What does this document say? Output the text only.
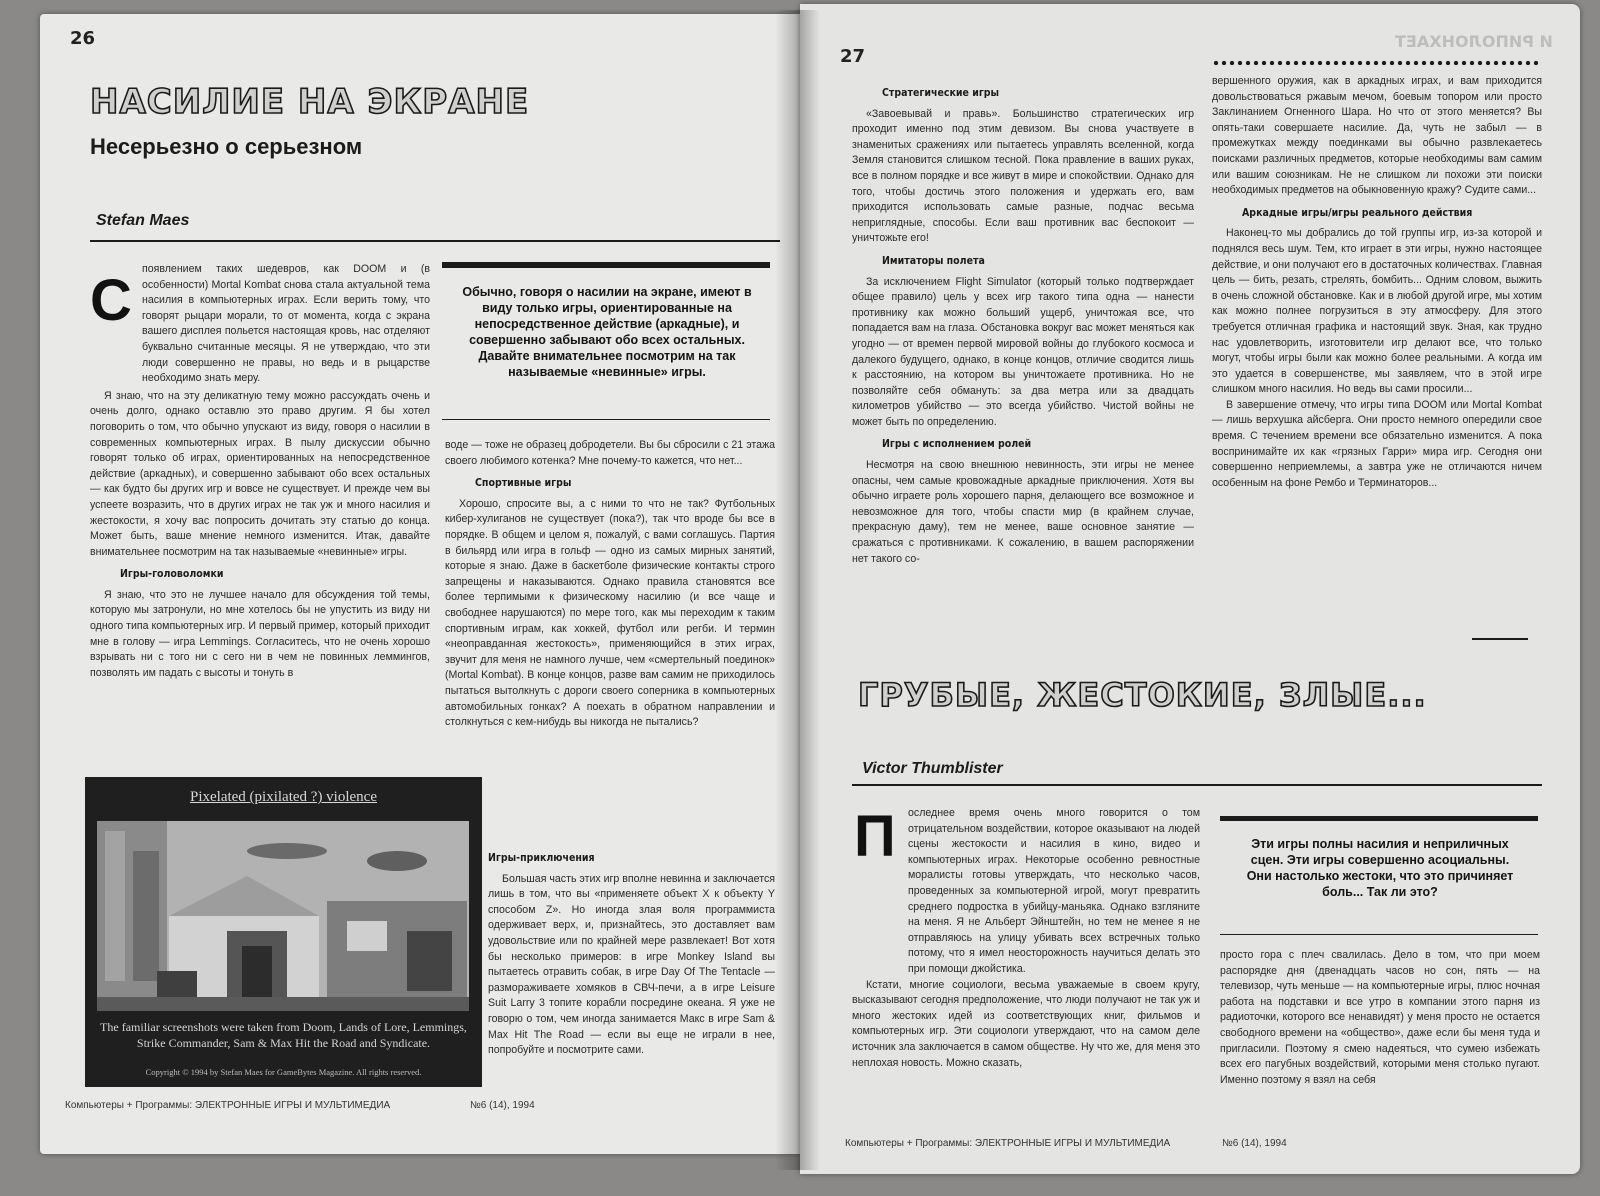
26
НАСИЛИЕ НА ЭКРАНЕ
Несерьезно о серьезном
Stefan Maes
С появлением таких шедевров, как DOOM и (в особенности) Mortal Kombat снова стала актуальной тема насилия в компьютерных играх. Если верить тому, что говорят рыцари морали, то от момента, когда с экрана вашего дисплея польется настоящая кровь, нас отделяют буквально считанные месяцы. Я не утверждаю, что эти люди совершенно не правы, но ведь и в рыцарстве необходимо знать меру.

Я знаю, что на эту деликатную тему можно рассуждать очень и очень долго, однако оставлю это право другим. Я бы хотел поговорить о том, что обычно упускают из виду, говоря о насилии в современных компьютерных играх. В пылу дискуссии обычно говорят только об играх, ориентированных на непосредственное действие (аркадных), и совершенно забывают обо всех остальных — как будто бы других игр и вовсе не существует. И прежде чем вы успеете возразить, что в других играх не так уж и много насилия и жестокости, я хочу вас попросить дочитать эту статью до конца. Может быть, ваше мнение немного изменится. Итак, давайте внимательнее посмотрим на так называемые «невинные» игры.

Игры-головоломки

Я знаю, что это не лучшее начало для обсуждения той темы, которую мы затронули, но мне хотелось бы не упустить из виду ни одного типа компьютерных игр. И первый пример, который приходит мне в голову — игра Lemmings. Согласитесь, что не очень хорошо взрывать ни с того ни с сего ни в чем не повинных леммингов, позволять им падать с высоты и тонуть в

Обычно, говоря о насилии на экране, имеют в виду только игры, ориентированные на непосредственное действие (аркадные), и совершенно забывают обо всех остальных. Давайте внимательнее посмотрим на так называемые «невинные» игры.

воде — тоже не образец добродетели. Вы бы сбросили с 21 этажа своего любимого котенка? Мне почему-то кажется, что нет...

Спортивные игры

Хорошо, спросите вы, а с ними то что не так? Футбольных кибер-хулиганов не существует (пока?), так что вроде бы все в порядке. В общем и целом я, пожалуй, с вами соглашусь. Партия в бильярд или игра в гольф — одно из самых мирных занятий, которые я знаю. Даже в баскетболе физические контакты строго запрещены и наказываются. Однако правила становятся все более терпимыми к физическому насилию (и все чаще и свободнее нарушаются) по мере того, как мы переходим к таким спортивным играм, как хоккей, футбол или регби. И термин «неоправданная жестокость», применяющийся в этих играх, звучит для меня не намного лучше, чем «смертельный поединок» (Mortal Kombat). В конце концов, разве вам самим не приходилось пытаться вытолкнуть с дороги своего соперника в компьютерных автомобильных гонках? А поехать в обратном направлении и столкнуться с кем-нибудь вы никогда не пытались?

Игры-приключения

Большая часть этих игр вполне невинна и заключается лишь в том, что вы «применяете объект X к объекту Y способом Z». Но иногда злая воля программиста одерживает верх, и, признайтесь, это доставляет вам удовольствие или по крайней мере развлекает! Вот хотя бы несколько примеров: в игре Monkey Island вы пытаетесь отравить собак, в игре Day Of The Tentacle — размораживаете хомяков в СВЧ-печи, а в игре Leisure Suit Larry 3 топите корабли посредине океана. Я уже не говорю о том, чем иногда занимается Макс в игре Sam & Max Hit The Road — если вы еще не играли в нее, попробуйте и посмотрите сами.

Pixelated (pixilated ?) violence
The familiar screenshots were taken from Doom, Lands of Lore, Lemmings, Strike Commander, Sam & Max Hit the Road and Syndicate.
Copyright © 1994 by Stefan Maes for GameBytes Magazine. All rights reserved.
Компьютеры + Программы: ЭЛЕКТРОННЫЕ ИГРЫ И МУЛЬТИМЕДИА	№6 (14), 1994
27
И РИПОЛОНХАЕТ
Стратегические игры

«Завоевывай и правь». Большинство стратегических игр проходит именно под этим девизом. Вы снова участвуете в знаменитых сражениях или пытаетесь управлять вселенной, когда Земля становится слишком тесной. Пока правление в ваших руках, все в полном порядке и все живут в мире и спокойствии. Однако для того, чтобы достичь этого положения и удержать его, вам приходится использовать самые разные, подчас весьма неприглядные, способы. Если ваш противник вас беспокоит — уничтожьте его!

Имитаторы полета

За исключением Flight Simulator (который только подтверждает общее правило) цель у всех игр такого типа одна — нанести противнику как можно больший ущерб, уничтожая все, что попадается вам на глаза. Обстановка вокруг вас может меняться как угодно — от времен первой мировой войны до глубокого космоса и далекого будущего, однако, в конце концов, отличие сводится лишь к расстоянию, на котором вы уничтожаете противника. Но не позволяйте себя обмануть: за два метра или за двадцать километров убийство — это всегда убийство. Чистой войны не может быть по определению.

Игры с исполнением ролей

Несмотря на свою внешнюю невинность, эти игры не менее опасны, чем самые кровожадные аркадные приключения. Хотя вы обычно играете роль хорошего парня, делающего все возможное и невозможное для того, чтобы спасти мир (в крайнем случае, прекрасную даму), тем не менее, ваше основное занятие — сражаться с противниками. К сожалению, в вашем распоряжении нет такого со-

вершенного оружия, как в аркадных играх, и вам приходится довольствоваться ржавым мечом, боевым топором или просто Заклинанием Огненного Шара. Но что от этого меняется? Вы опять-таки совершаете насилие. Да, чуть не забыл — в промежутках между поединками вы обычно развлекаетесь поисками различных предметов, которые необходимы вам самим или вашим союзникам. Не не слишком ли похожи эти поиски необходимых предметов на обыкновенную кражу? Судите сами...

Аркадные игры/игры реального действия

Наконец-то мы добрались до той группы игр, из-за которой и поднялся весь шум. Тем, кто играет в эти игры, нужно настоящее действие, и они получают его в достаточных количествах. Главная цель — бить, резать, стрелять, бомбить... Одним словом, выжить в очень сложной обстановке. Как и в любой другой игре, мы хотим как можно полнее погрузиться в эту атмосферу. Для этого требуется отличная графика и настоящий звук. Зная, как трудно нас удовлетворить, изготовители игр делают все, что только могут, чтобы игры были как можно более реальными. А когда им это удается в совершенстве, мы заявляем, что в этой игре слишком много насилия. Но ведь вы сами просили...

В завершение отмечу, что игры типа DOOM или Mortal Kombat — лишь верхушка айсберга. Они просто немного опередили свое время. С течением времени все обязательно изменится. А пока воспринимайте их как «грязных Гарри» мира игр. Сегодня они совершенно неприемлемы, а завтра уже не отличаются ничем особенным на фоне Рембо и Терминаторов...

ГРУБЫЕ, ЖЕСТОКИЕ, ЗЛЫЕ...
Victor Thumblister
П	оследнее время очень много говорится о том отрицательном воздействии, которое оказывают на людей сцены жестокости и насилия в кино, видео и компьютерных играх. Некоторые особенно ревностные моралисты готовы утверждать, что несколько часов, проведенных за компьютерной игрой, могут превратить среднего подростка в убийцу-маньяка. Однако взгляните на меня. Я не Альберт Эйнштейн, но тем не менее я не отправляюсь на улицу убивать всех встречных только потому, что я имел неосторожность научиться делать это при помощи джойстика.

Кстати, многие социологи, весьма уважаемые в своем кругу, высказывают сегодня предположение, что люди получают не так уж и много жестоких идей из соответствующих книг, фильмов и компьютерных игр. Эти социологи утверждают, что на самом деле источник зла заключается в самом обществе. Ну что же, для меня это неплохая новость. Можно сказать,

Эти игры полны насилия и неприличных сцен. Эти игры совершенно асоциальны. Они настолько жестоки, что это причиняет боль... Так ли это?

просто гора с плеч свалилась. Дело в том, что при моем распорядке дня (двенадцать часов но сон, пять — на телевизор, чуть меньше — на компьютерные игры, плюс ночная работа на подставки и все утро в компании этого парня из радиоточки, которого все ненавидят) у меня просто не остается свободного времени на «общество», даже если бы меня туда и пригласили. Поэтому я смею надеяться, что сумею избежать всех его пагубных воздействий, которыми меня столько пугают. Именно поэтому я взял на себя

Компьютеры + Программы: ЭЛЕКТРОННЫЕ ИГРЫ И МУЛЬТИМЕДИА	№6 (14), 1994
